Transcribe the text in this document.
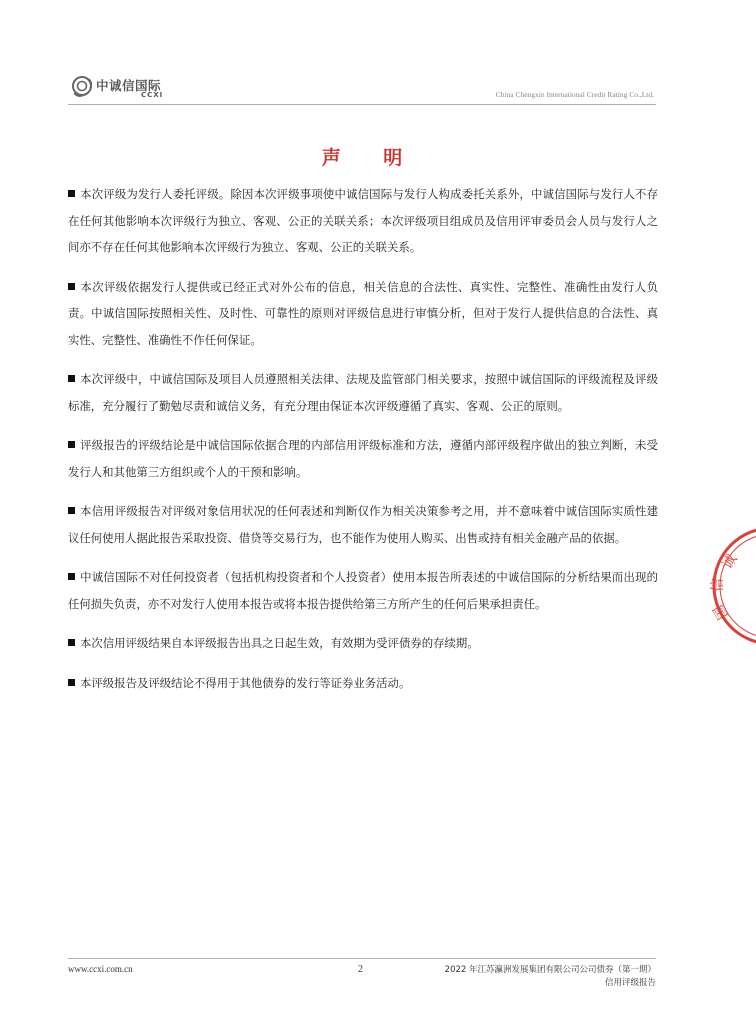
中诚信国际
CCXI	China Chengxin International Credit Rating Co.,Ltd.
声 明

本次评级为发行人委托评级。除因本次评级事项使中诚信国际与发行人构成委托关系外，中诚信国际与发行人不存在任何其他影响本次评级行为独立、客观、公正的关联关系；本次评级项目组成员及信用评审委员会人员与发行人之间亦不存在任何其他影响本次评级行为独立、客观、公正的关联关系。

本次评级依据发行人提供或已经正式对外公布的信息，相关信息的合法性、真实性、完整性、准确性由发行人负责。中诚信国际按照相关性、及时性、可靠性的原则对评级信息进行审慎分析，但对于发行人提供信息的合法性、真实性、完整性、准确性不作任何保证。

本次评级中，中诚信国际及项目人员遵照相关法律、法规及监管部门相关要求，按照中诚信国际的评级流程及评级标准，充分履行了勤勉尽责和诚信义务，有充分理由保证本次评级遵循了真实、客观、公正的原则。

评级报告的评级结论是中诚信国际依据合理的内部信用评级标准和方法，遵循内部评级程序做出的独立判断，未受发行人和其他第三方组织或个人的干预和影响。

本信用评级报告对评级对象信用状况的任何表述和判断仅作为相关决策参考之用，并不意味着中诚信国际实质性建议任何使用人据此报告采取投资、借贷等交易行为，也不能作为使用人购买、出售或持有相关金融产品的依据。

中诚信国际不对任何投资者（包括机构投资者和个人投资者）使用本报告所表述的中诚信国际的分析结果而出现的任何损失负责，亦不对发行人使用本报告或将本报告提供给第三方所产生的任何后果承担责任。

本次信用评级结果自本评级报告出具之日起生效，有效期为受评债券的存续期。

本评级报告及评级结论不得用于其他债券的发行等证券业务活动。

诚
信
国
www.ccxi.com.cn	2	2022 年江苏瀛洲发展集团有限公司公司债券（第一期）
信用评级报告
